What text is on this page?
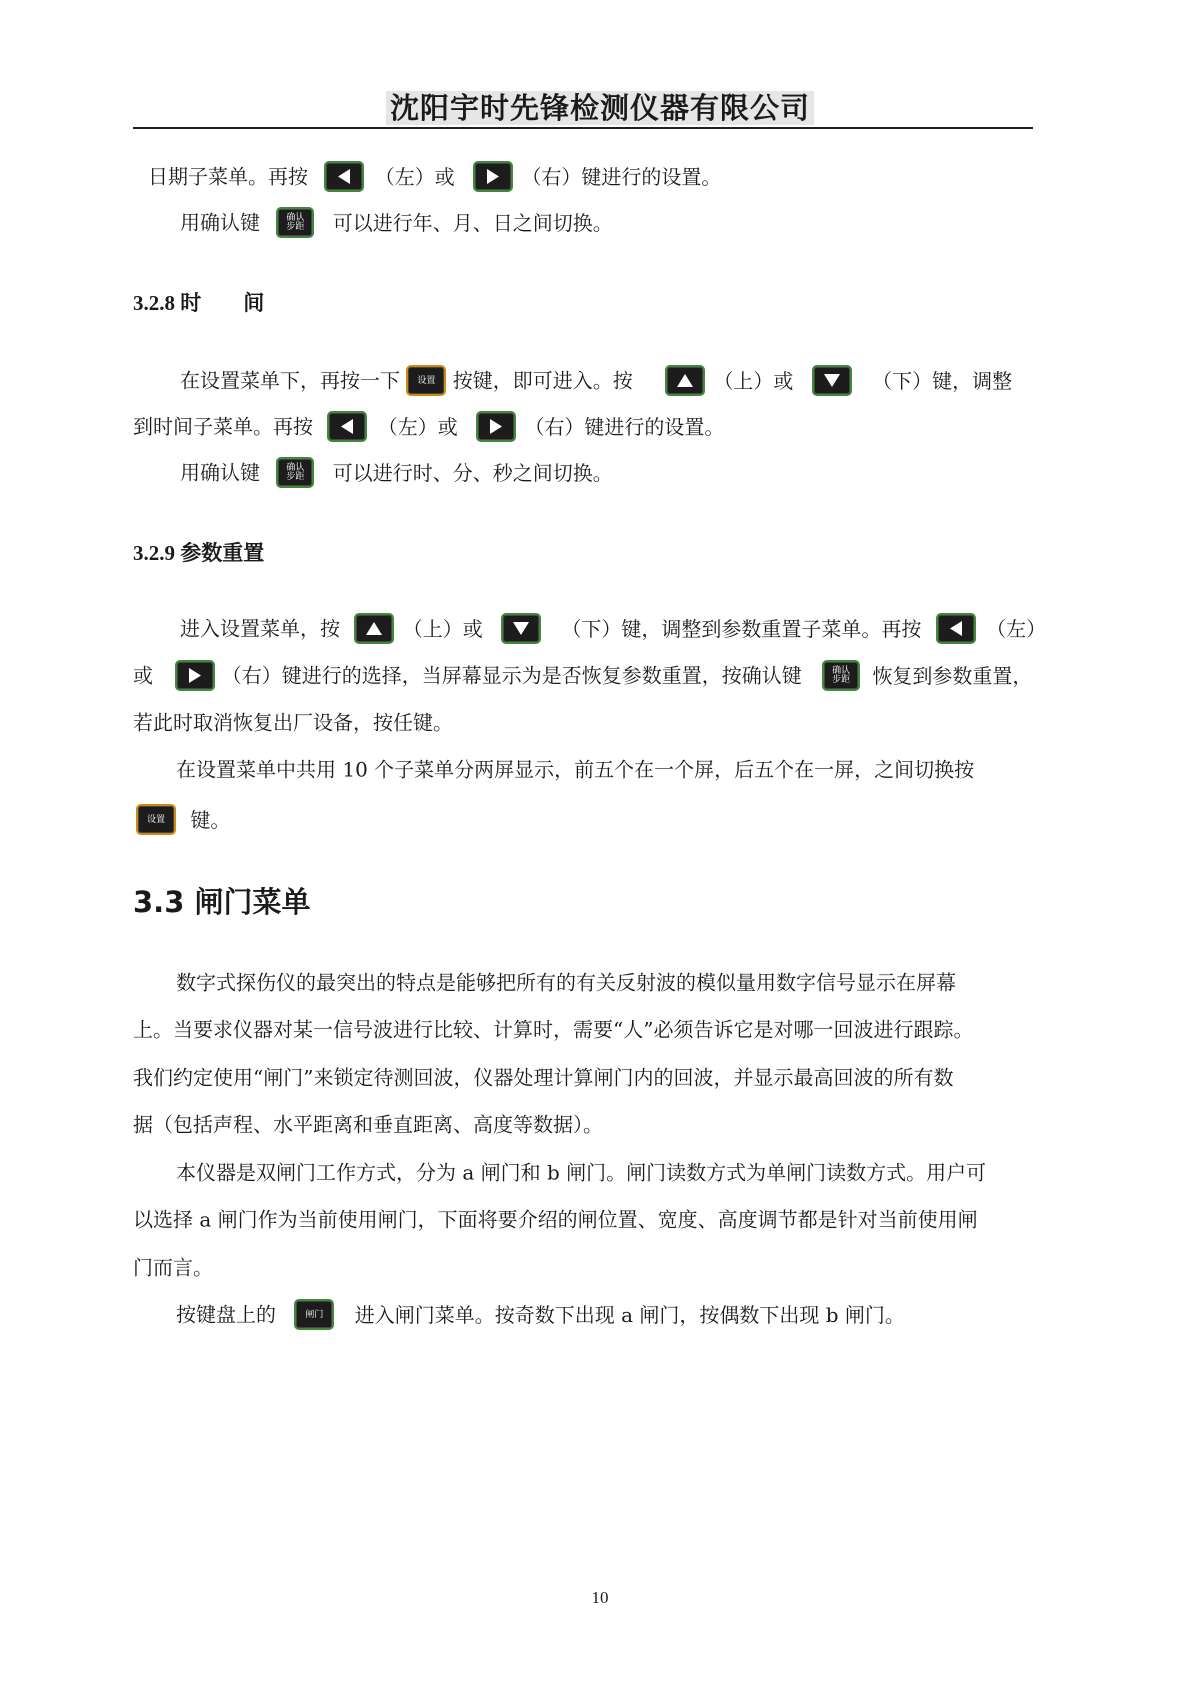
沈阳宇时先锋检测仪器有限公司
日期子菜单。再按	（左）或	（右）键进行的设置。
用确认键	确认
步距	可以进行年、月、日之间切换。
3.2.8 时　　间
在设置菜单下，再按一下	设置 按键，即可进入。按	（上）或	（下）键，调整
到时间子菜单。再按	（左）或	（右）键进行的设置。
用确认键	确认
步距	可以进行时、分、秒之间切换。
3.2.9 参数重置
进入设置菜单，按	（上）或	（下）键，调整到参数重置子菜单。再按	（左）
或	（右）键进行的选择，当屏幕显示为是否恢复参数重置，按确认键	确认
步距	恢复到参数重置，
若此时取消恢复出厂设备，按任键。
在设置菜单中共用 10 个子菜单分两屏显示，前五个在一个屏，后五个在一屏，之间切换按
设置	键。
3.3 闸门菜单
数字式探伤仪的最突出的特点是能够把所有的有关反射波的模似量用数字信号显示在屏幕
上。当要求仪器对某一信号波进行比较、计算时，需要“人”必须告诉它是对哪一回波进行跟踪。
我们约定使用“闸门”来锁定待测回波，仪器处理计算闸门内的回波，并显示最高回波的所有数
据（包括声程、水平距离和垂直距离、高度等数据）。
本仪器是双闸门工作方式，分为 a 闸门和 b 闸门。闸门读数方式为单闸门读数方式。用户可
以选择 a 闸门作为当前使用闸门，下面将要介绍的闸位置、宽度、高度调节都是针对当前使用闸
门而言。
按键盘上的	闸门	进入闸门菜单。按奇数下出现 a 闸门，按偶数下出现 b 闸门。
10
